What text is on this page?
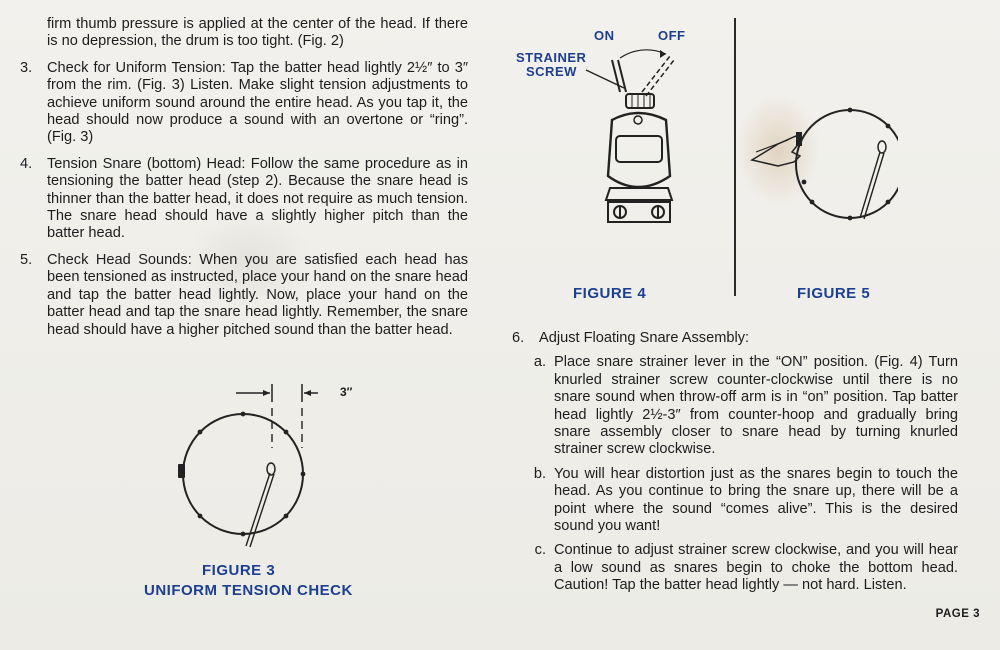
firm thumb pressure is applied at the center of the head. If there is no depression, the drum is too tight. (Fig. 2)

3.	Check for Uniform Tension: Tap the batter head lightly 2½″ to 3″ from the rim. (Fig. 3) Listen. Make slight tension adjustments to achieve uniform sound around the entire head. As you tap it, the head should now produce a sound with an overtone or “ring”. (Fig. 3)
4.	Tension Snare (bottom) Head: Follow the same procedure as in tensioning the batter head (step 2). Because the snare head is thinner than the batter head, it does not require as much tension. The snare head should have a slightly higher pitch than the batter head.
5.	Check Head Sounds: When you are satisfied each head has been tensioned as instructed, place your hand on the snare head and tap the batter head lightly. Now, place your hand on the batter head and tap the snare head lightly. Remember, the snare head should have a higher pitched sound than the batter head.
3″
FIGURE 3
UNIFORM TENSION CHECK
ON	OFF
STRAINER
SCREW
FIGURE 4	FIGURE 5
6.	Adjust Floating Snare Assembly:
a. Place snare strainer lever in the “ON” position. (Fig. 4) Turn knurled strainer screw counter-clockwise until there is no snare sound when throw-off arm is in “on” position. Tap batter head lightly 2½-3″ from counter-hoop and gradually bring snare assembly closer to snare head by turning knurled strainer screw clockwise.
b. You will hear distortion just as the snares begin to touch the head. As you continue to bring the snare up, there will be a point where the sound “comes alive”. This is the desired sound you want!
c. Continue to adjust strainer screw clockwise, and you will hear a low sound as snares begin to choke the bottom head. Caution! Tap the batter head lightly — not hard. Listen.
PAGE 3
